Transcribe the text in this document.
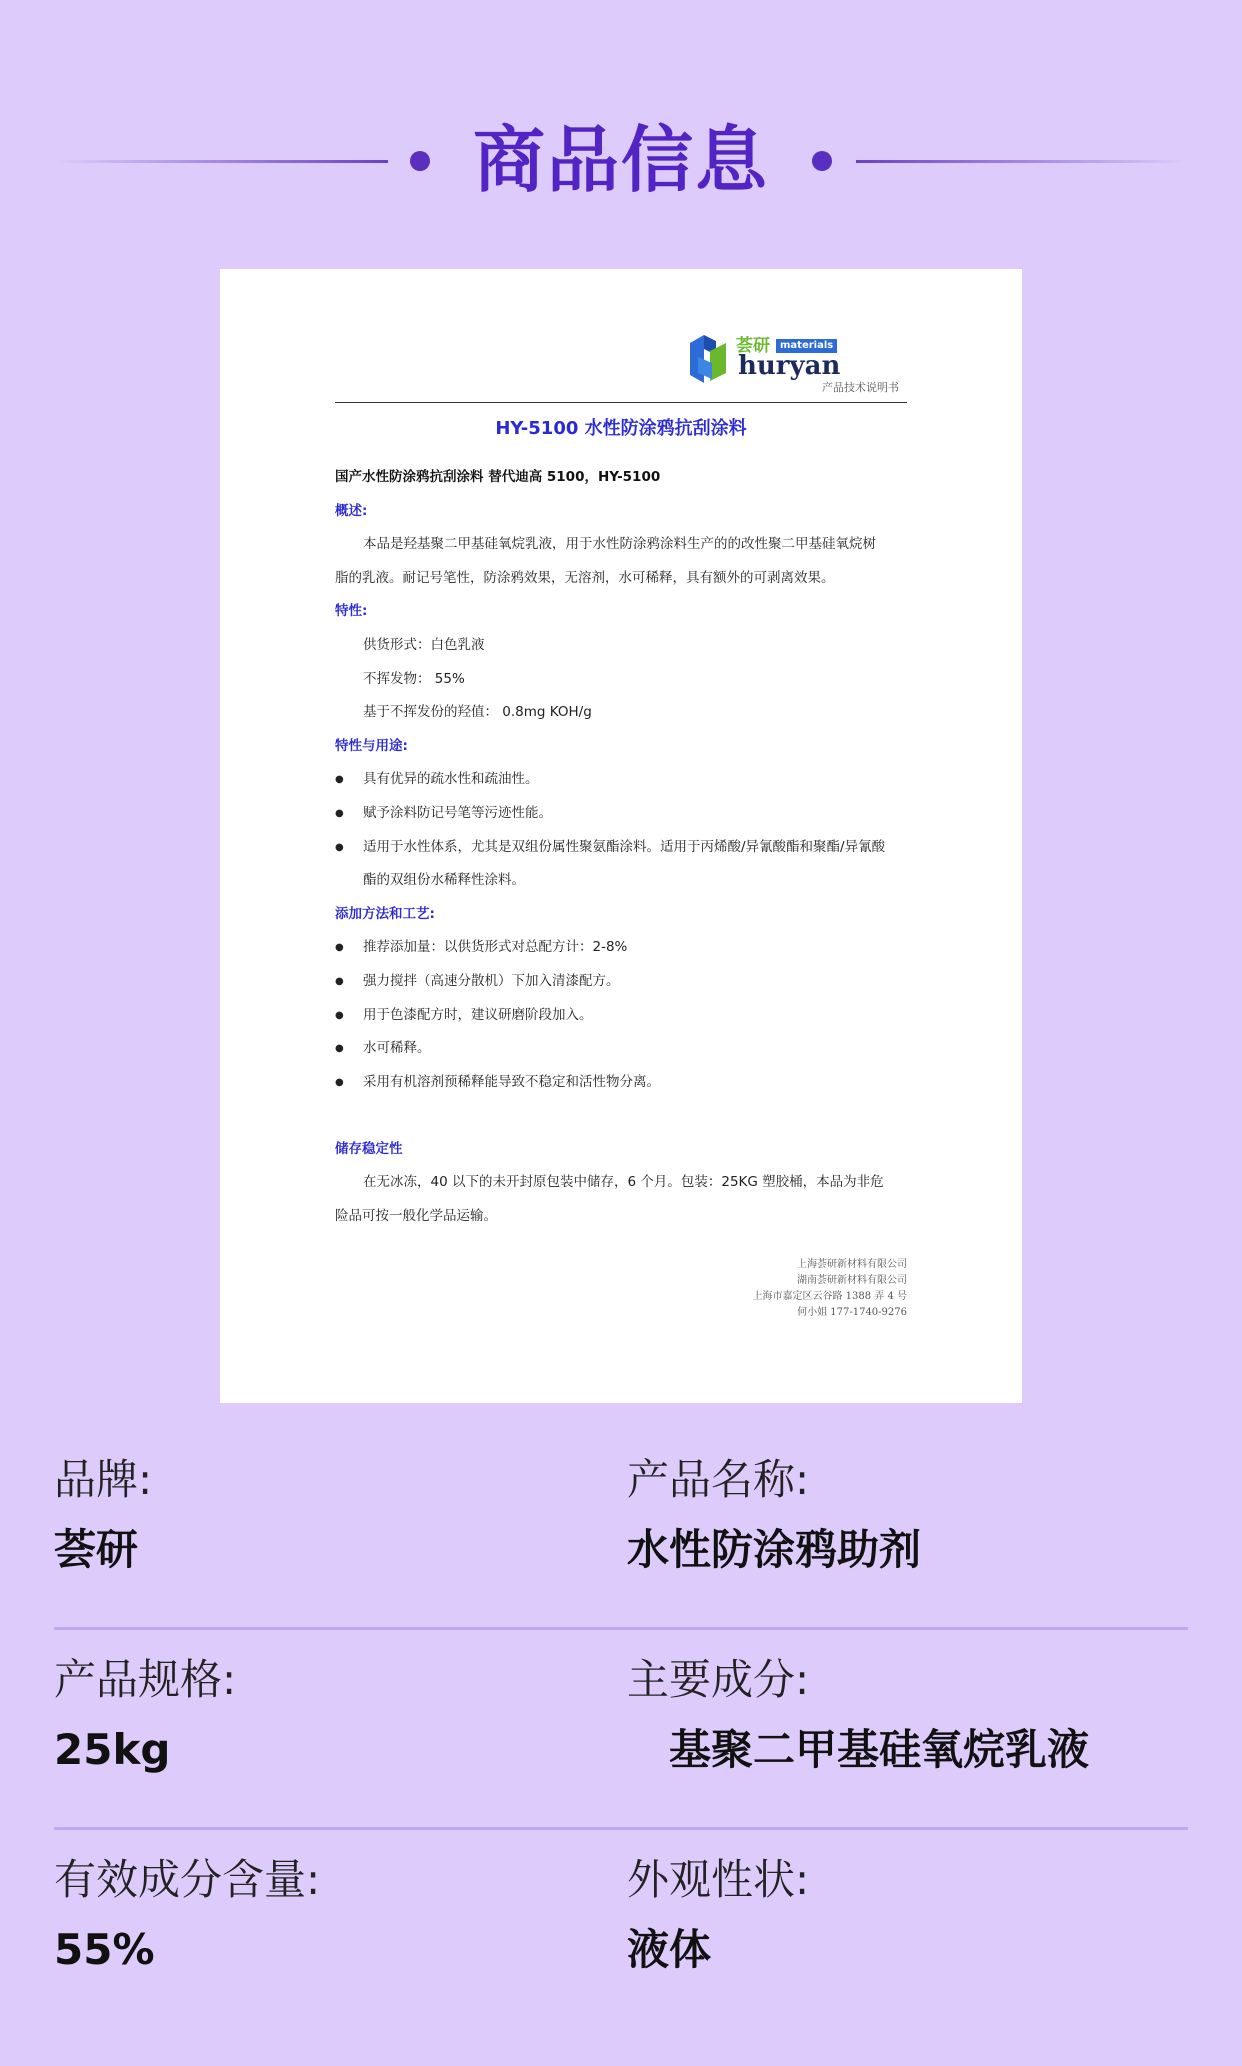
商品信息
荟研	materials
huryan
产品技术说明书
HY-5100 水性防涂鸦抗刮涂料
国产水性防涂鸦抗刮涂料 替代迪高 5100，HY-5100
概述:
本品是羟基聚二甲基硅氧烷乳液，用于水性防涂鸦涂料生产的的改性聚二甲基硅氧烷树
脂的乳液。耐记号笔性，防涂鸦效果，无溶剂，水可稀释，具有额外的可剥离效果。
特性:
供货形式：白色乳液
不挥发物： 55%
基于不挥发份的羟值： 0.8mg KOH/g
特性与用途:
● 具有优异的疏水性和疏油性。
● 赋予涂料防记号笔等污迹性能。
● 适用于水性体系，尤其是双组份属性聚氨酯涂料。适用于丙烯酸/异氰酸酯和聚酯/异氰酸
酯的双组份水稀释性涂料。
添加方法和工艺:
● 推荐添加量：以供货形式对总配方计：2-8%
● 强力搅拌（高速分散机）下加入清漆配方。
● 用于色漆配方时，建议研磨阶段加入。
● 水可稀释。
● 采用有机溶剂预稀释能导致不稳定和活性物分离。
储存稳定性
在无冰冻，40 以下的未开封原包装中储存，6 个月。包装：25KG 塑胶桶，本品为非危
险品可按一般化学品运输。
上海荟研新材料有限公司
湖南荟研新材料有限公司
上海市嘉定区云谷路 1388 弄 4 号
何小姐 177-1740-9276
品牌:
荟研
产品名称:
水性防涂鸦助剂
产品规格:
25kg
主要成分:
基聚二甲基硅氧烷乳液
有效成分含量:
55%
外观性状:
液体
